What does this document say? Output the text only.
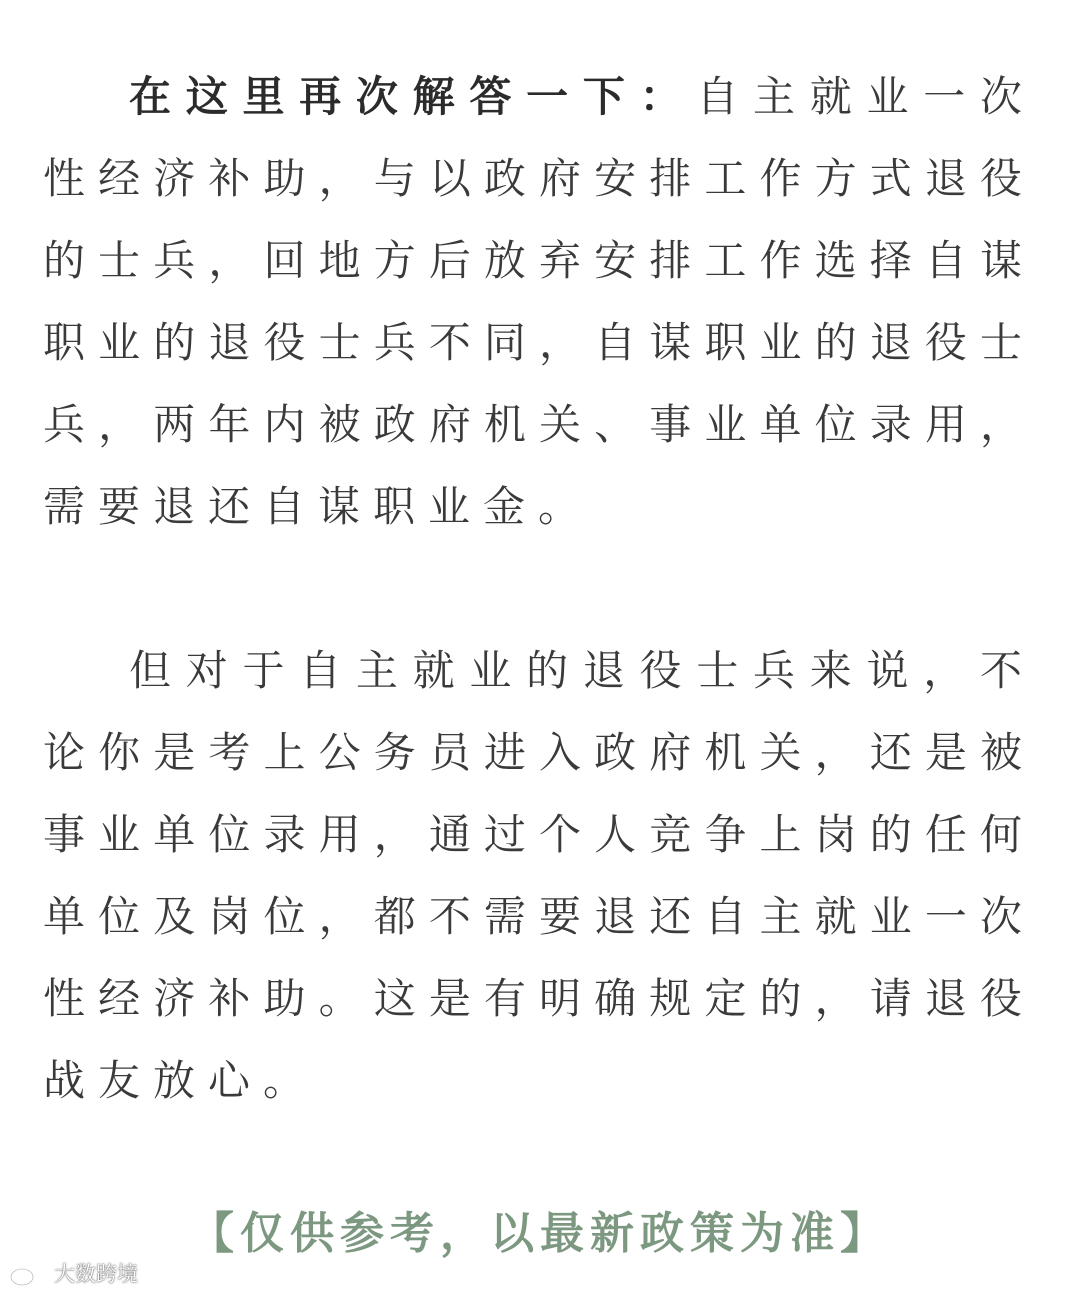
在这里再次解答一下：自主就业一次性经济补助，与以政府安排工作方式退役的士兵，回地方后放弃安排工作选择自谋职业的退役士兵不同，自谋职业的退役士兵，两年内被政府机关、事业单位录用，需要退还自谋职业金。

但对于自主就业的退役士兵来说，不论你是考上公务员进入政府机关，还是被事业单位录用，通过个人竞争上岗的任何单位及岗位，都不需要退还自主就业一次性经济补助。这是有明确规定的，请退役战友放心。

【仅供参考，以最新政策为准】
大数跨境
